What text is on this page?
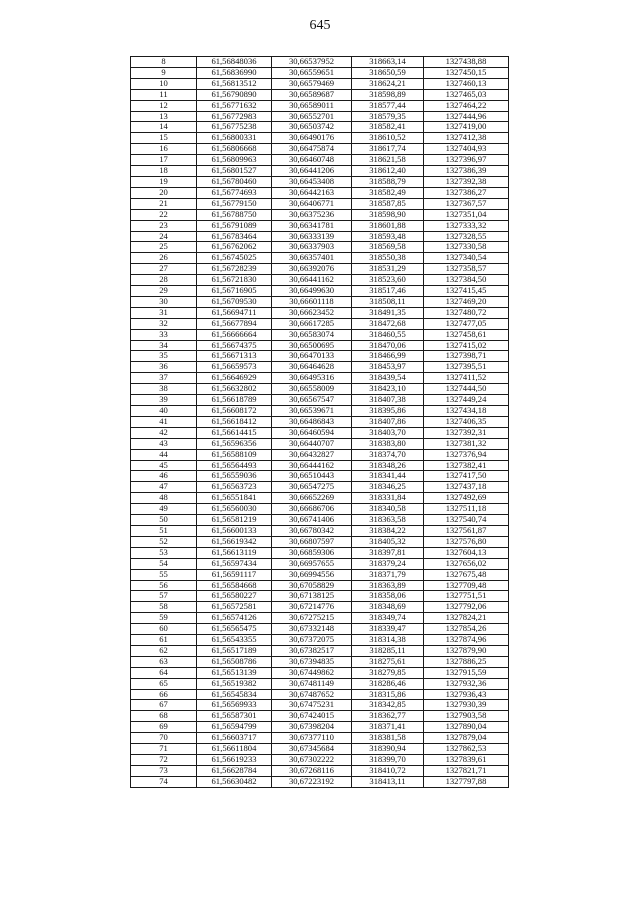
645
8	61,56848036	30,66537952	318663,14	1327438,88
9	61,56836990	30,66559651	318650,59	1327450,15
10	61,56813512	30,66579469	318624,21	1327460,13
11	61,56790890	30,66589687	318598,89	1327465,03
12	61,56771632	30,66589011	318577,44	1327464,22
13	61,56772983	30,66552701	318579,35	1327444,96
14	61,56775238	30,66503742	318582,41	1327419,00
15	61,56800331	30,66490176	318610,52	1327412,38
16	61,56806668	30,66475874	318617,74	1327404,93
17	61,56809963	30,66460748	318621,58	1327396,97
18	61,56801527	30,66441206	318612,40	1327386,39
19	61,56780460	30,66453408	318588,79	1327392,38
20	61,56774693	30,66442163	318582,49	1327386,27
21	61,56779150	30,66406771	318587,85	1327367,57
22	61,56788750	30,66375236	318598,90	1327351,04
23	61,56791089	30,66341781	318601,88	1327333,32
24	61,56783464	30,66333139	318593,48	1327328,55
25	61,56762062	30,66337903	318569,58	1327330,58
26	61,56745025	30,66357401	318550,38	1327340,54
27	61,56728239	30,66392076	318531,29	1327358,57
28	61,56721830	30,66441162	318523,60	1327384,50
29	61,56716905	30,66499630	318517,46	1327415,45
30	61,56709530	30,66601118	318508,11	1327469,20
31	61,56694711	30,66623452	318491,35	1327480,72
32	61,56677894	30,66617285	318472,68	1327477,05
33	61,56666664	30,66583074	318460,55	1327458,61
34	61,56674375	30,66500695	318470,06	1327415,02
35	61,56671313	30,66470133	318466,99	1327398,71
36	61,56659573	30,66464628	318453,97	1327395,51
37	61,56646929	30,66495316	318439,54	1327411,52
38	61,56632802	30,66558009	318423,10	1327444,50
39	61,56618789	30,66567547	318407,38	1327449,24
40	61,56608172	30,66539671	318395,86	1327434,18
41	61,56618412	30,66486843	318407,86	1327406,35
42	61,56614415	30,66460594	318403,70	1327392,31
43	61,56596356	30,66440707	318383,80	1327381,32
44	61,56588109	30,66432827	318374,70	1327376,94
45	61,56564493	30,66444162	318348,26	1327382,41
46	61,56559036	30,66510443	318341,44	1327417,50
47	61,56563723	30,66547275	318346,25	1327437,18
48	61,56551841	30,66652269	318331,84	1327492,69
49	61,56560030	30,66686706	318340,58	1327511,18
50	61,56581219	30,66741406	318363,58	1327540,74
51	61,56600133	30,66780342	318384,22	1327561,87
52	61,56619342	30,66807597	318405,32	1327576,80
53	61,56613119	30,66859306	318397,81	1327604,13
54	61,56597434	30,66957655	318379,24	1327656,02
55	61,56591117	30,66994556	318371,79	1327675,48
56	61,56584668	30,67058829	318363,89	1327709,48
57	61,56580227	30,67138125	318358,06	1327751,51
58	61,56572581	30,67214776	318348,69	1327792,06
59	61,56574126	30,67275215	318349,74	1327824,21
60	61,56565475	30,67332148	318339,47	1327854,26
61	61,56543355	30,67372075	318314,38	1327874,96
62	61,56517189	30,67382517	318285,11	1327879,90
63	61,56508786	30,67394835	318275,61	1327886,25
64	61,56513139	30,67449862	318279,85	1327915,59
65	61,56519382	30,67481149	318286,46	1327932,36
66	61,56545834	30,67487652	318315,86	1327936,43
67	61,56569933	30,67475231	318342,85	1327930,39
68	61,56587301	30,67424015	318362,77	1327903,58
69	61,56594799	30,67398204	318371,41	1327890,04
70	61,56603717	30,67377110	318381,58	1327879,04
71	61,56611804	30,67345684	318390,94	1327862,53
72	61,56619233	30,67302222	318399,70	1327839,61
73	61,56628784	30,67268116	318410,72	1327821,71
74	61,56630482	30,67223192	318413,11	1327797,88
